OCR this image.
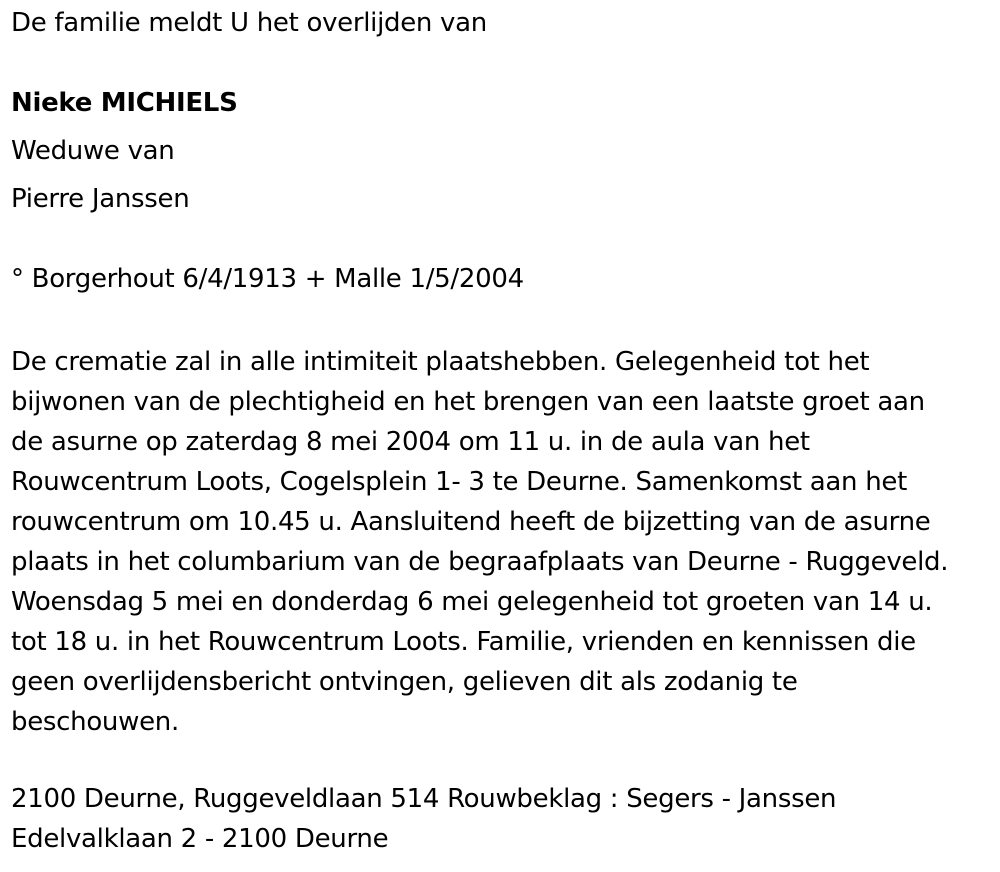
De familie meldt U het overlijden van
Nieke MICHIELS
Weduwe van
Pierre Janssen
° Borgerhout 6/4/1913 + Malle 1/5/2004
De crematie zal in alle intimiteit plaatshebben. Gelegenheid tot het
bijwonen van de plechtigheid en het brengen van een laatste groet aan
de asurne op zaterdag 8 mei 2004 om 11 u. in de aula van het
Rouwcentrum Loots, Cogelsplein 1- 3 te Deurne. Samenkomst aan het
rouwcentrum om 10.45 u. Aansluitend heeft de bijzetting van de asurne
plaats in het columbarium van de begraafplaats van Deurne - Ruggeveld.
Woensdag 5 mei en donderdag 6 mei gelegenheid tot groeten van 14 u.
tot 18 u. in het Rouwcentrum Loots. Familie, vrienden en kennissen die
geen overlijdensbericht ontvingen, gelieven dit als zodanig te
beschouwen.
2100 Deurne, Ruggeveldlaan 514 Rouwbeklag : Segers - Janssen
Edelvalklaan 2 - 2100 Deurne
